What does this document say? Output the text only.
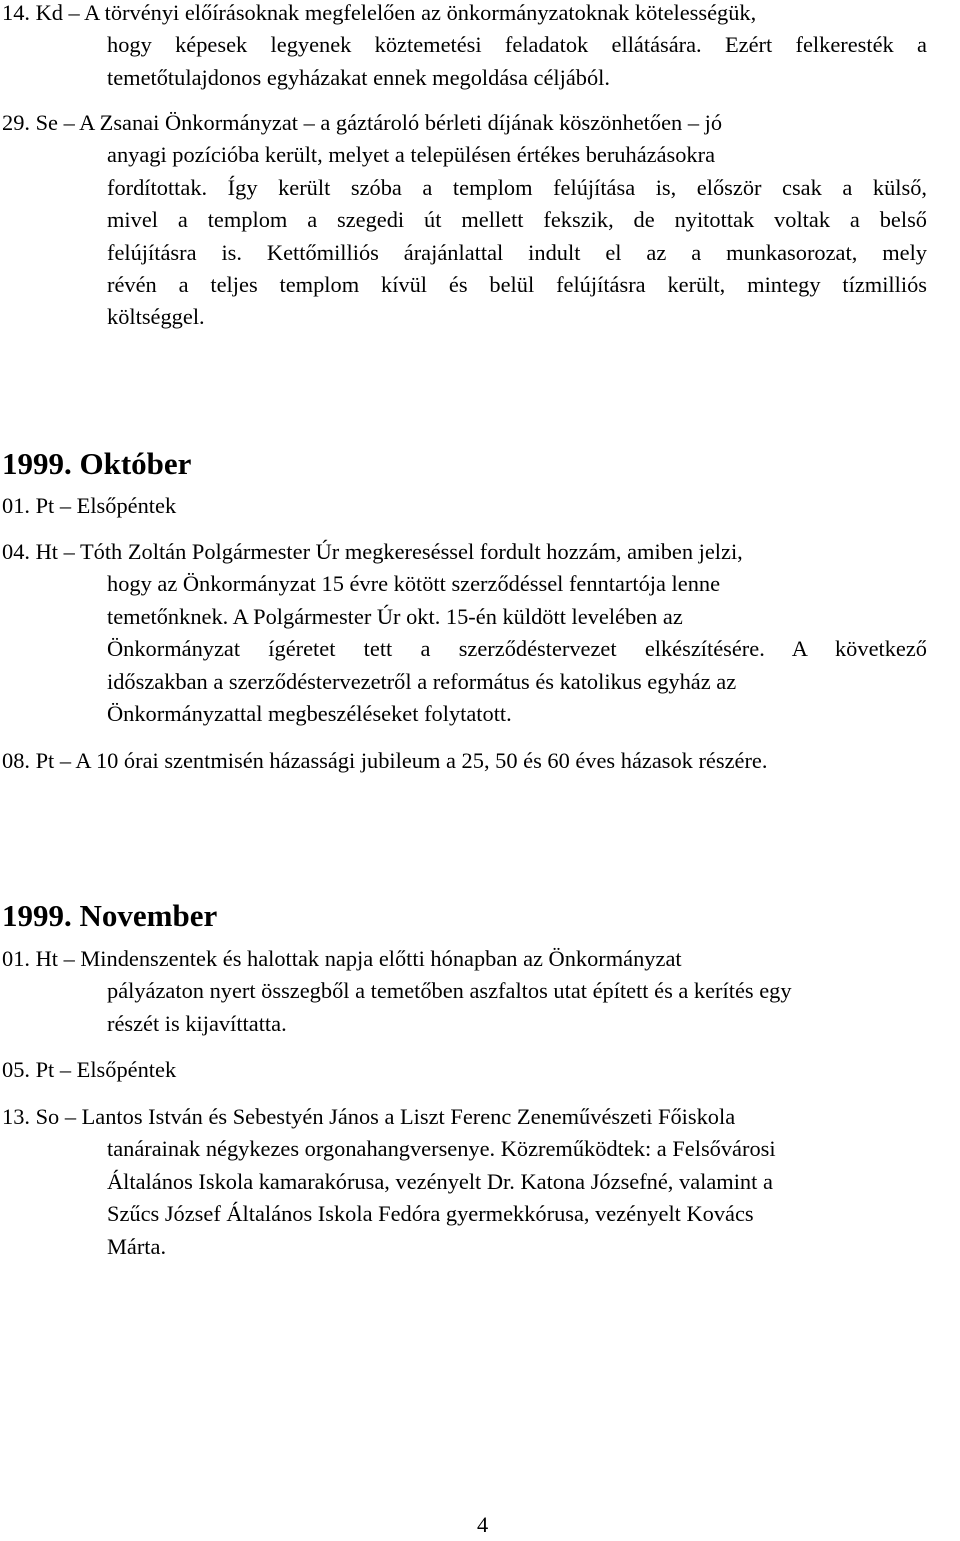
14. Kd – A törvényi előírásoknak megfelelően az önkormányzatoknak kötelességük,
hogy képesek legyenek köztemetési feladatok ellátására. Ezért felkeresték a
temetőtulajdonos egyházakat ennek megoldása céljából.
29. Se – A Zsanai Önkormányzat – a gáztároló bérleti díjának köszönhetően – jó
anyagi pozícióba került, melyet a településen értékes beruházásokra
fordítottak. Így került szóba a templom felújítása is, először csak a külső,
mivel a templom a szegedi út mellett fekszik, de nyitottak voltak a belső
felújításra is. Kettőmilliós árajánlattal indult el az a munkasorozat, mely
révén a teljes templom kívül és belül felújításra került, mintegy tízmilliós
költséggel.
1999. Október
01. Pt – Elsőpéntek
04. Ht – Tóth Zoltán Polgármester Úr megkereséssel fordult hozzám, amiben jelzi,
hogy az Önkormányzat 15 évre kötött szerződéssel fenntartója lenne
temetőnknek. A Polgármester Úr okt. 15-én küldött levelében az
Önkormányzat ígéretet tett a szerződéstervezet elkészítésére. A következő
időszakban a szerződéstervezetről a református és katolikus egyház az
Önkormányzattal megbeszéléseket folytatott.
08. Pt – A 10 órai szentmisén házassági jubileum a 25, 50 és 60 éves házasok részére.
1999. November
01. Ht – Mindenszentek és halottak napja előtti hónapban az Önkormányzat
pályázaton nyert összegből a temetőben aszfaltos utat épített és a kerítés egy
részét is kijavíttatta.
05. Pt – Elsőpéntek
13. So – Lantos István és Sebestyén János a Liszt Ferenc Zeneművészeti Főiskola
tanárainak négykezes orgonahangversenye. Közreműködtek: a Felsővárosi
Általános Iskola kamarakórusa, vezényelt Dr. Katona Józsefné, valamint a
Szűcs József Általános Iskola Fedóra gyermekkórusa, vezényelt Kovács
Márta.
4
